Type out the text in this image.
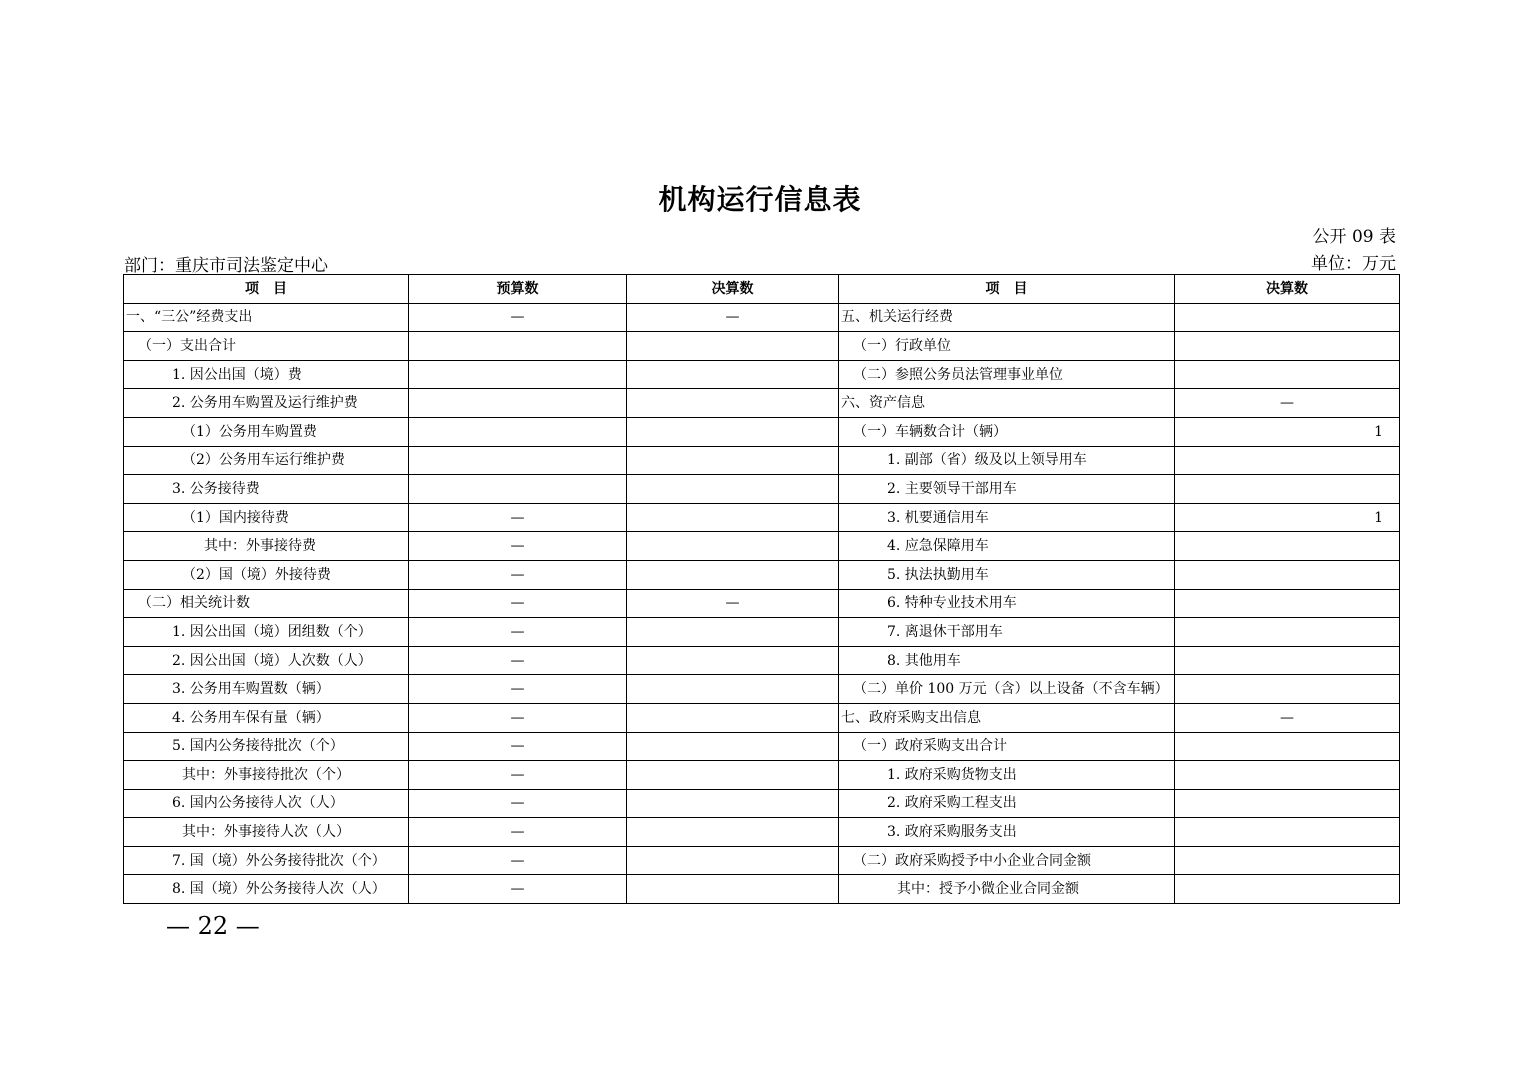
机构运行信息表
公开 09 表
部门：重庆市司法鉴定中心	单位：万元
项　目	预算数	决算数	项　目	决算数
一、“三公”经费支出	—	—	五、机关运行经费	
（一）支出合计			（一）行政单位	
1. 因公出国（境）费			（二）参照公务员法管理事业单位	
2. 公务用车购置及运行维护费			六、资产信息	—
（1）公务用车购置费			（一）车辆数合计（辆）	1
（2）公务用车运行维护费			1. 副部（省）级及以上领导用车	
3. 公务接待费			2. 主要领导干部用车	
（1）国内接待费	—		3. 机要通信用车	1
其中：外事接待费	—		4. 应急保障用车	
（2）国（境）外接待费	—		5. 执法执勤用车	
（二）相关统计数	—	—	6. 特种专业技术用车	
1. 因公出国（境）团组数（个）	—		7. 离退休干部用车	
2. 因公出国（境）人次数（人）	—		8. 其他用车	
3. 公务用车购置数（辆）	—		（二）单价 100 万元（含）以上设备（不含车辆）	
4. 公务用车保有量（辆）	—		七、政府采购支出信息	—
5. 国内公务接待批次（个）	—		（一）政府采购支出合计	
其中：外事接待批次（个）	—		1. 政府采购货物支出	
6. 国内公务接待人次（人）	—		2. 政府采购工程支出	
其中：外事接待人次（人）	—		3. 政府采购服务支出	
7. 国（境）外公务接待批次（个）	—		（二）政府采购授予中小企业合同金额	
8. 国（境）外公务接待人次（人）	—		其中：授予小微企业合同金额	
— 22 —
